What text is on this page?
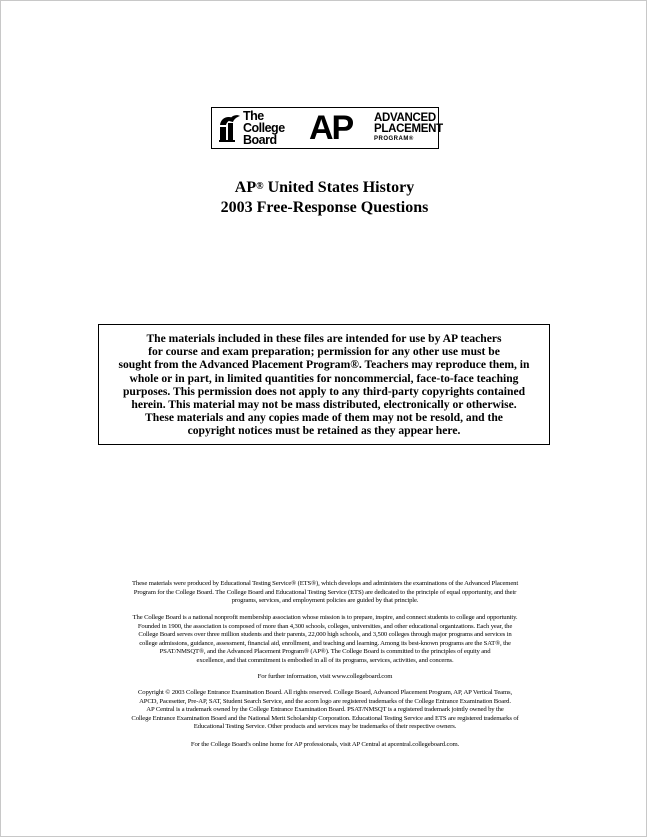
The
College
Board AP ADVANCED
PLACEMENT
PROGRAM®
AP® United States History
2003 Free-Response Questions
The materials included in these files are intended for use by AP teachers
for course and exam preparation; permission for any other use must be
sought from the Advanced Placement Program®. Teachers may reproduce them, in
whole or in part, in limited quantities for noncommercial, face-to-face teaching
purposes. This permission does not apply to any third-party copyrights contained
herein. This material may not be mass distributed, electronically or otherwise.
These materials and any copies made of them may not be resold, and the
copyright notices must be retained as they appear here.
These materials were produced by Educational Testing Service® (ETS®), which develops and administers the examinations of the Advanced Placement
Program for the College Board. The College Board and Educational Testing Service (ETS) are dedicated to the principle of equal opportunity, and their
programs, services, and employment policies are guided by that principle.
The College Board is a national nonprofit membership association whose mission is to prepare, inspire, and connect students to college and opportunity.
Founded in 1900, the association is composed of more than 4,300 schools, colleges, universities, and other educational organizations. Each year, the
College Board serves over three million students and their parents, 22,000 high schools, and 3,500 colleges through major programs and services in
college admissions, guidance, assessment, financial aid, enrollment, and teaching and learning. Among its best-known programs are the SAT®, the
PSAT/NMSQT®, and the Advanced Placement Program® (AP®). The College Board is committed to the principles of equity and
excellence, and that commitment is embodied in all of its programs, services, activities, and concerns.
For further information, visit www.collegeboard.com
Copyright © 2003 College Entrance Examination Board. All rights reserved. College Board, Advanced Placement Program, AP, AP Vertical Teams,
APCD, Pacesetter, Pre-AP, SAT, Student Search Service, and the acorn logo are registered trademarks of the College Entrance Examination Board.
AP Central is a trademark owned by the College Entrance Examination Board. PSAT/NMSQT is a registered trademark jointly owned by the
College Entrance Examination Board and the National Merit Scholarship Corporation. Educational Testing Service and ETS are registered trademarks of
Educational Testing Service. Other products and services may be trademarks of their respective owners.
For the College Board's online home for AP professionals, visit AP Central at apcentral.collegeboard.com.
